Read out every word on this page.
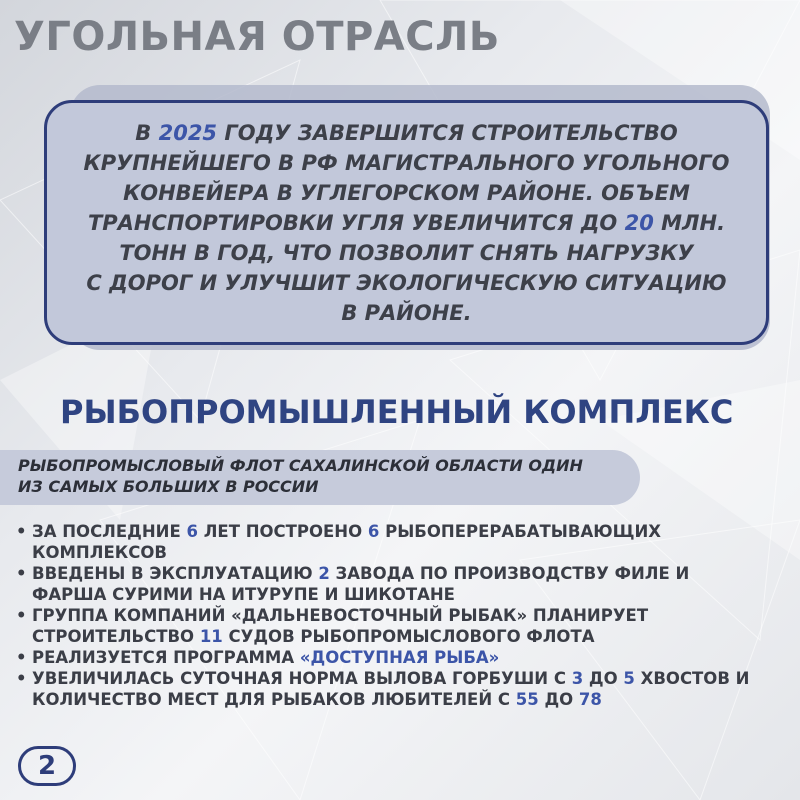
УГОЛЬНАЯ ОТРАСЛЬ

В 2025 ГОДУ ЗАВЕРШИТСЯ СТРОИТЕЛЬСТВО
КРУПНЕЙШЕГО В РФ МАГИСТРАЛЬНОГО УГОЛЬНОГО
КОНВЕЙЕРА В УГЛЕГОРСКОМ РАЙОНЕ. ОБЪЕМ
ТРАНСПОРТИРОВКИ УГЛЯ УВЕЛИЧИТСЯ ДО 20 МЛН.
ТОНН В ГОД, ЧТО ПОЗВОЛИТ СНЯТЬ НАГРУЗКУ
С ДОРОГ И УЛУЧШИТ ЭКОЛОГИЧЕСКУЮ СИТУАЦИЮ
В РАЙОНЕ.

РЫБОПРОМЫШЛЕННЫЙ КОМПЛЕКС

РЫБОПРОМЫСЛОВЫЙ ФЛОТ САХАЛИНСКОЙ ОБЛАСТИ ОДИН
ИЗ САМЫХ БОЛЬШИХ В РОССИИ

• ЗА ПОСЛЕДНИЕ 6 ЛЕТ ПОСТРОЕНО 6 РЫБОПЕРЕРАБАТЫВАЮЩИХ
КОМПЛЕКСОВ
• ВВЕДЕНЫ В ЭКСПЛУАТАЦИЮ 2 ЗАВОДА ПО ПРОИЗВОДСТВУ ФИЛЕ И
ФАРША СУРИМИ НА ИТУРУПЕ И ШИКОТАНЕ
• ГРУППА КОМПАНИЙ «ДАЛЬНЕВОСТОЧНЫЙ РЫБАК» ПЛАНИРУЕТ
СТРОИТЕЛЬСТВО 11 СУДОВ РЫБОПРОМЫСЛОВОГО ФЛОТА
• РЕАЛИЗУЕТСЯ ПРОГРАММА «ДОСТУПНАЯ РЫБА»
• УВЕЛИЧИЛАСЬ СУТОЧНАЯ НОРМА ВЫЛОВА ГОРБУШИ С 3 ДО 5 ХВОСТОВ И
КОЛИЧЕСТВО МЕСТ ДЛЯ РЫБАКОВ ЛЮБИТЕЛЕЙ С 55 ДО 78
2
